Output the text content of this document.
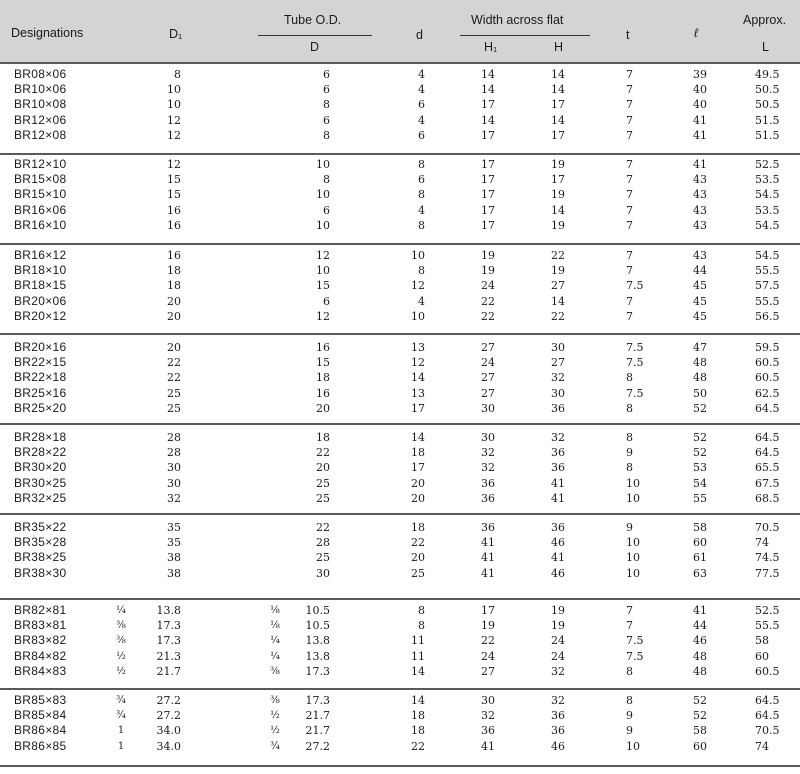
Designations	D₁
Tube O.D.
D
d
Width across flat
H₁	H
t	ℓ
Approx.
L
BR08×06	8	6	4	14	14	7	39	49.5
BR10×06	10	6	4	14	14	7	40	50.5
BR10×08	10	8	6	17	17	7	40	50.5
BR12×06	12	6	4	14	14	7	41	51.5
BR12×08	12	8	6	17	17	7	41	51.5
BR12×10	12	10	8	17	19	7	41	52.5
BR15×08	15	8	6	17	17	7	43	53.5
BR15×10	15	10	8	17	19	7	43	54.5
BR16×06	16	6	4	17	14	7	43	53.5
BR16×10	16	10	8	17	19	7	43	54.5
BR16×12	16	12	10	19	22	7	43	54.5
BR18×10	18	10	8	19	19	7	44	55.5
BR18×15	18	15	12	24	27	7.5	45	57.5
BR20×06	20	6	4	22	14	7	45	55.5
BR20×12	20	12	10	22	22	7	45	56.5
BR20×16	20	16	13	27	30	7.5	47	59.5
BR22×15	22	15	12	24	27	7.5	48	60.5
BR22×18	22	18	14	27	32	8	48	60.5
BR25×16	25	16	13	27	30	7.5	50	62.5
BR25×20	25	20	17	30	36	8	52	64.5
BR28×18	28	18	14	30	32	8	52	64.5
BR28×22	28	22	18	32	36	9	52	64.5
BR30×20	30	20	17	32	36	8	53	65.5
BR30×25	30	25	20	36	41	10	54	67.5
BR32×25	32	25	20	36	41	10	55	68.5
BR35×22	35	22	18	36	36	9	58	70.5
BR35×28	35	28	22	41	46	10	60	74
BR38×25	38	25	20	41	41	10	61	74.5
BR38×30	38	30	25	41	46	10	63	77.5
BR82×81	¼	13.8	⅛ 10.5	8	17	19	7	41	52.5
BR83×81	⅜	17.3	⅛ 10.5	8	19	19	7	44	55.5
BR83×82	⅜	17.3	¼ 13.8	11	22	24	7.5	46	58
BR84×82	½	21.3	¼ 13.8	11	24	24	7.5	48	60
BR84×83	½	21.7	⅜ 17.3	14	27	32	8	48	60.5
BR85×83	¾	27.2	⅜ 17.3	14	30	32	8	52	64.5
BR85×84	¾	27.2	½ 21.7	18	32	36	9	52	64.5
BR86×84	1	34.0	½ 21.7	18	36	36	9	58	70.5
BR86×85	1	34.0	¾ 27.2	22	41	46	10	60	74
